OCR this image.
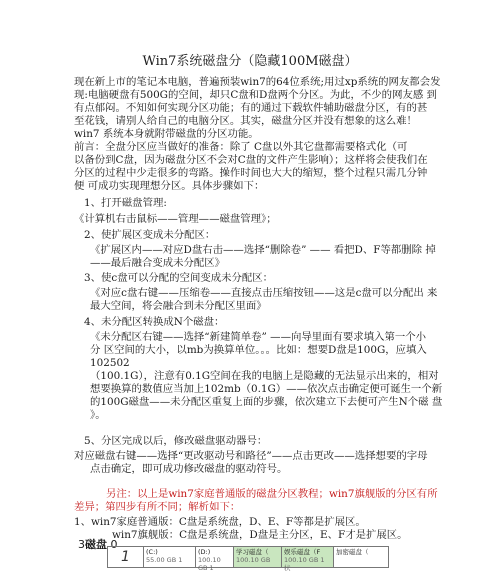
Win7系统磁盘分（隐藏100M磁盘）
现在新上市的笔记本电脑，普遍预装win7的64位系统;用过xp系统的网友都会发
现:电脑硬盘有500G的空间，却只C盘和D盘两个分区。为此，不少的网友感 到
有点郁闷。不知如何实现分区功能；有的通过下载软件辅助磁盘分区，有的甚
至花钱，请别人给自己的电脑分区。其实，磁盘分区并没有想象的这么难！
win7 系统本身就附带磁盘的分区功能。
前言：全盘分区应当做好的准备：除了 C盘以外其它盘都需要格式化（可
以备份到C盘，因为磁盘分区不会对C盘的文件产生影响）；这样将会使我们在
分区的过程中少走很多的弯路。操作时间也大大的缩短，整个过程只需几分钟
便 可成功实现理想分区。具体步骤如下：
1、打开磁盘管理:
《计算机右击鼠标——管理——磁盘管理》；
2、使扩展区变成未分配区：
《扩展区内——对应D盘右击——选择“删除卷” —— 看把D、F等都删除 掉
——最后融合变成未分配区》
3、使c盘可以分配的空间变成未分配区：
《对应c盘右键——压缩卷——直接点击压缩按钮——这是c盘可以分配出 来
最大空间，将会融合到未分配区里面》
4、未分配区转换成N个磁盘：
《未分配区右键——选择“新建简单卷” ——向导里面有要求填入第一个小
分 区空间的大小，以mb为换算单位。。。比如：想要D盘是100G，应填入
102502
（100.1G），注意有0.1G空间在我的电脑上是隐藏的无法显示出来的，相对
想要换算的数值应当加上102mb（0.1G）——依次点击确定便可诞生一个新
的100G磁盘——未分配区重复上面的步骤，依次建立下去便可产生N个磁 盘
》。
5、分区完成以后，修改磁盘驱动器号：
对应磁盘右键——选择“更改驱动号和路径”——点击更改——选择想要的字母
点击确定，即可成功修改磁盘的驱动符号。
另注：以上是win7家庭普通版的磁盘分区教程；win7旗舰版的分区有所
差异；第四步有所不同；解析如下：
1、win7家庭普通版：C盘是系统盘，D、E、F等都是扩展区。
win7旗舰版：C盘是系统盘，D盘是主分区，E、F才是扩展区。
3磁盘 0
1	(C:)
55.00 GB 1
(D:)
100.10 GB 1
学习磁盘（
100.10 GB
娱乐磁盘（F
100.10 GB 1 状
加密磁盘（
